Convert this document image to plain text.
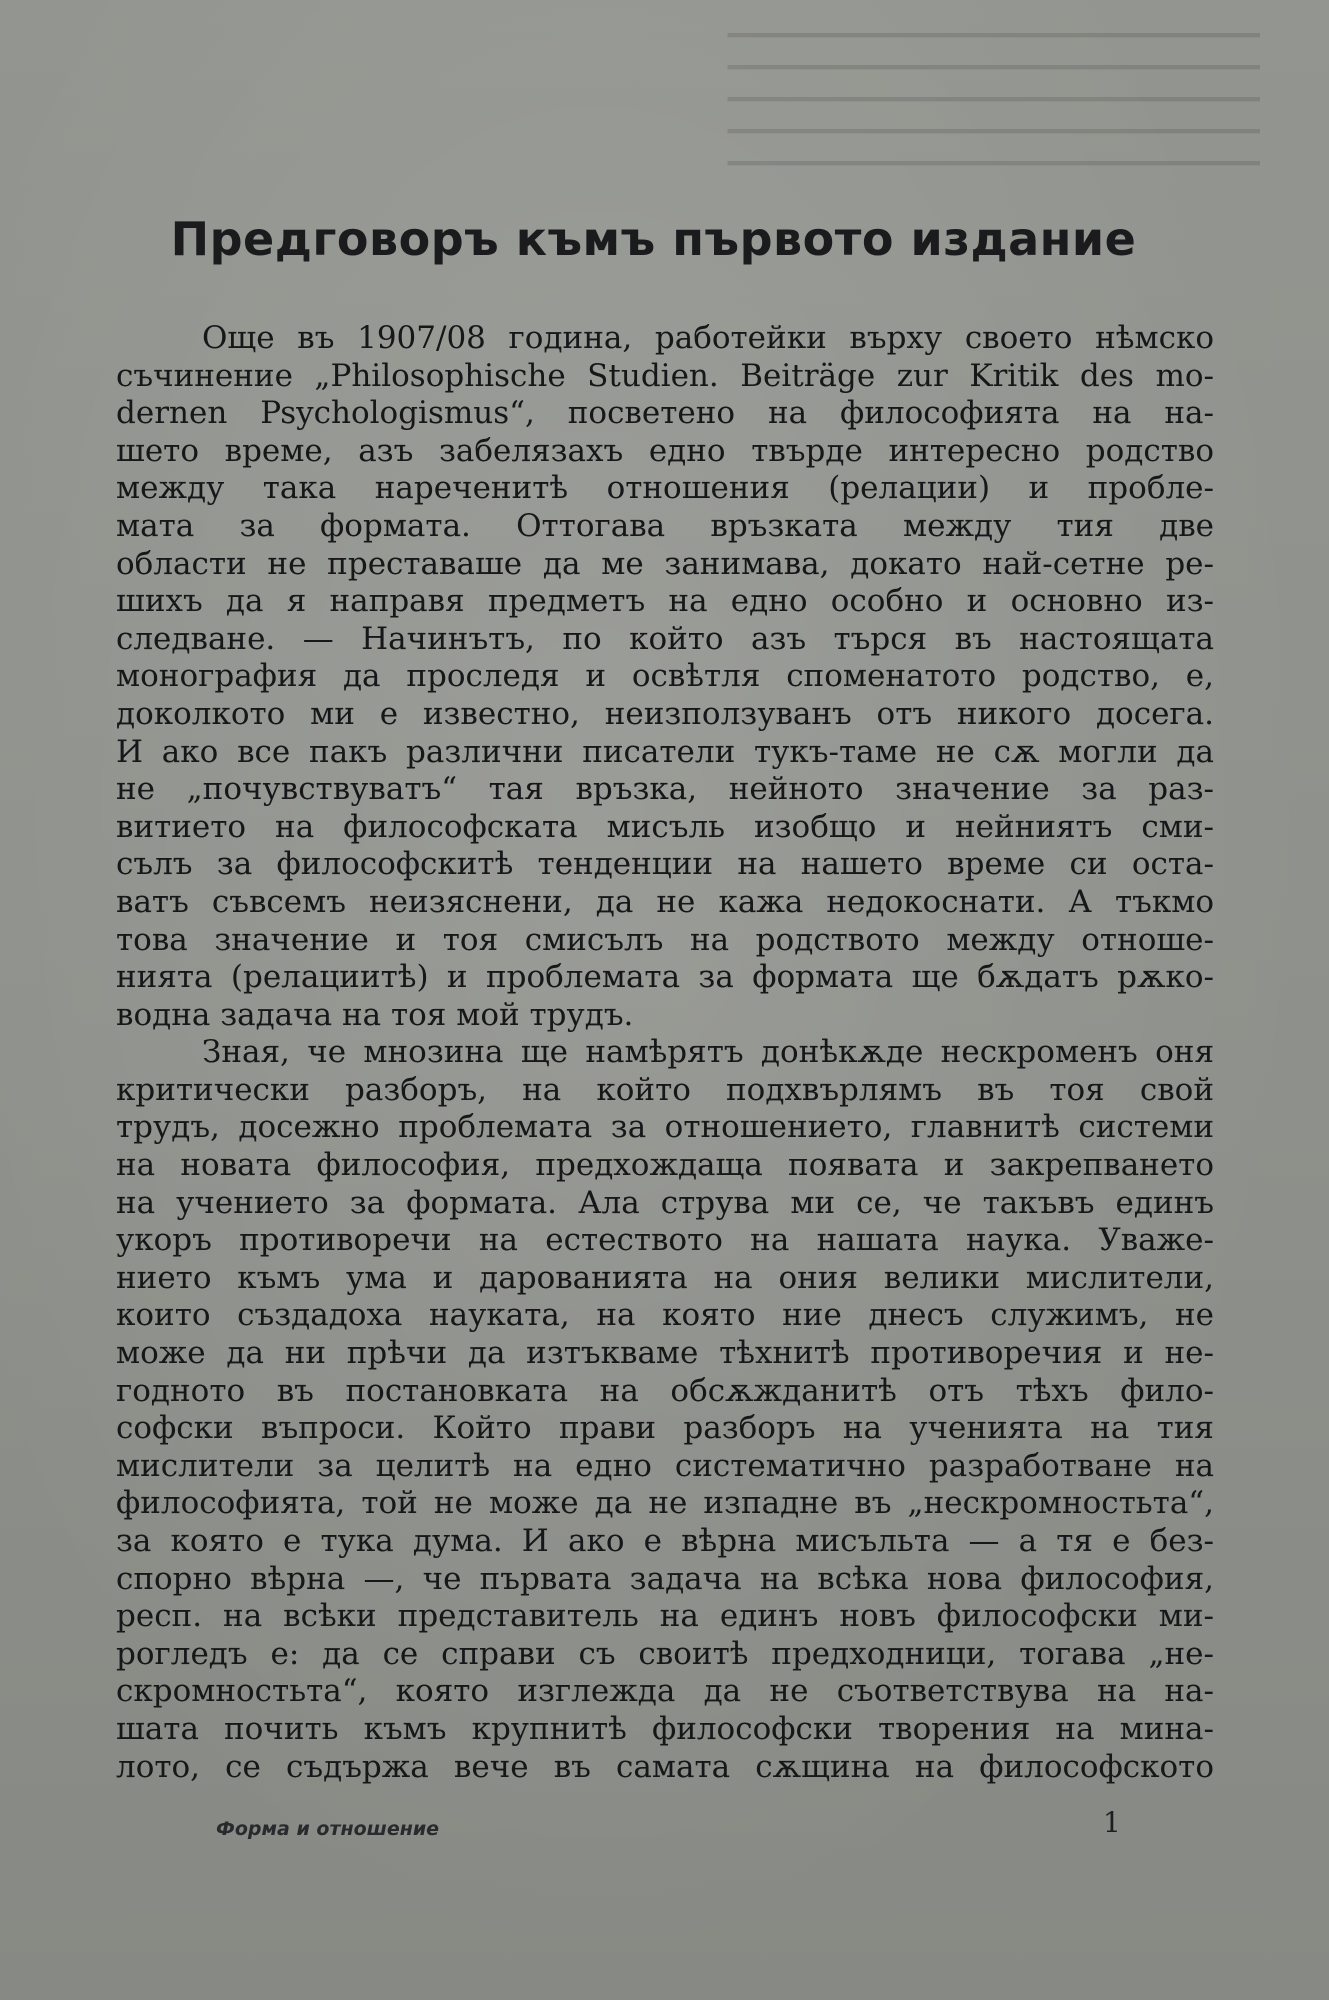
━━━━━━━━━━━━━━━━━━━━━━━━━━━━━━━━━━
━━━━━━━━━━━━━━━━━━━━━━━━━━━━━━━━━━
━━━━━━━━━━━━━━━━━━━━━━━━━━━━━━━━━━
━━━━━━━━━━━━━━━━━━━━━━━━━━━━━━━━━━
━━━━━━━━━━━━━━━━━━━━━━━━━━━━━━━━━━
Предговоръ къмъ първото издание
Още въ 1907/08 година, работейки върху своето нѣмско
съчинение „Philosophische Studien. Beiträge zur Kritik des mo-
dernen Psychologismus“, посветено на философията на на-
шето време, азъ забелязахъ едно твърде интересно родство
между така нареченитѣ отношения (релации) и пробле-
мата за формата. Оттогава връзката между тия две
области не преставаше да ме занимава, докато най-сетне ре-
шихъ да я направя предметъ на едно особно и основно из-
следване. — Начинътъ, по който азъ търся въ настоящата
монография да проследя и освѣтля споменатото родство, е,
доколкото ми е известно, неизползуванъ отъ никого досега.
И ако все пакъ различни писатели тукъ-таме не сѫ могли да
не „почувствуватъ“ тая връзка, нейното значение за раз-
витието на философската мисъль изобщо и нейниятъ сми-
сълъ за философскитѣ тенденции на нашето време си оста-
ватъ съвсемъ неизяснени, да не кажа недокоснати. А тъкмо
това значение и тоя смисълъ на родството между отноше-
нията (релациитѣ) и проблемата за формата ще бѫдатъ рѫко-
водна задача на тоя мой трудъ.
Зная, че мнозина ще намѣрятъ донѣкѫде нескроменъ оня
критически разборъ, на който подхвърлямъ въ тоя свой
трудъ, досежно проблемата за отношението, главнитѣ системи
на новата философия, предхождаща появата и закрепването
на учението за формата. Ала струва ми се, че такъвъ единъ
укоръ противоречи на естеството на нашата наука. Уваже-
нието къмъ ума и дарованията на ония велики мислители,
които създадоха науката, на която ние днесъ служимъ, не
може да ни прѣчи да изтъкваме тѣхнитѣ противоречия и не-
годното въ постановката на обсѫжданитѣ отъ тѣхъ фило-
софски въпроси. Който прави разборъ на ученията на тия
мислители за целитѣ на едно систематично разработване на
философията, той не може да не изпадне въ „нескромностьта“,
за която е тука дума. И ако е вѣрна мисъльта — а тя е без-
спорно вѣрна —, че първата задача на всѣка нова философия,
респ. на всѣки представитель на единъ новъ философски ми-
рогледъ е: да се справи съ своитѣ предходници, тогава „не-
скромностьта“, която изглежда да не съответствува на на-
шата почить къмъ крупнитѣ философски творения на мина-
лото, се съдържа вече въ самата сѫщина на философското
Форма и отношение	1
